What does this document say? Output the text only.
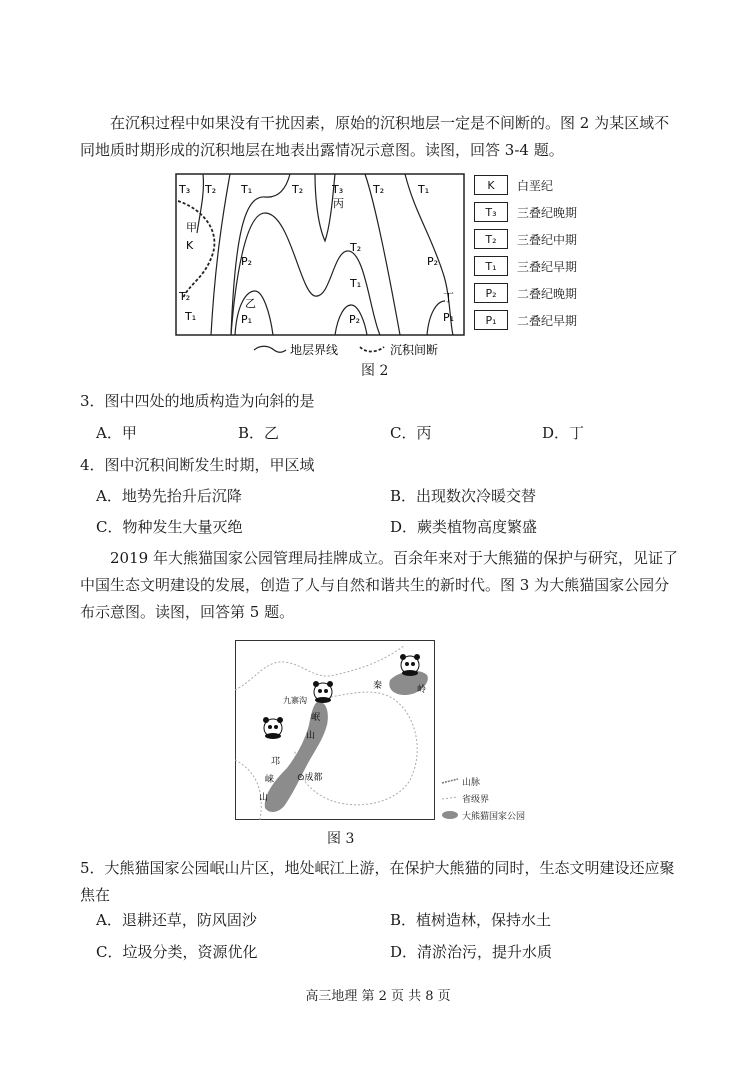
在沉积过程中如果没有干扰因素，原始的沉积地层一定是不间断的。图 2 为某区域不同地质时期形成的沉积地层在地表出露情况示意图。读图，回答 3-4 题。
T₃ T₂ T₁	T₂	T₃
丙
T₂	T₁
甲
K
P₂
T₂
P₂
T₁
T₂
乙
P₁	P₂
丁
T₁	P₁
K	白垩纪
T₃	三叠纪晚期
T₂	三叠纪中期
T₁	三叠纪早期
P₂	二叠纪晚期
P₁	二叠纪早期
地层界线	沉积间断
图 2
3．图中四处的地质构造为向斜的是
A．甲	B．乙	C．丙	D．丁
4．图中沉积间断发生时期，甲区域
A．地势先抬升后沉降	B．出现数次冷暖交替
C．物种发生大量灭绝	D．蕨类植物高度繁盛
2019 年大熊猫国家公园管理局挂牌成立。百余年来对于大熊猫的保护与研究，见证了中国生态文明建设的发展，创造了人与自然和谐共生的新时代。图 3 为大熊猫国家公园分布示意图。读图，回答第 5 题。
九寨沟
岷
山
秦	岭
邛
崃
山
⊙成都	山脉
省级界
大熊猫国家公园
图 3
5．大熊猫国家公园岷山片区，地处岷江上游，在保护大熊猫的同时，生态文明建设还应聚焦在
A．退耕还草，防风固沙	B．植树造林，保持水土
C．垃圾分类，资源优化	D．清淤治污，提升水质
高三地理 第 2 页 共 8 页
